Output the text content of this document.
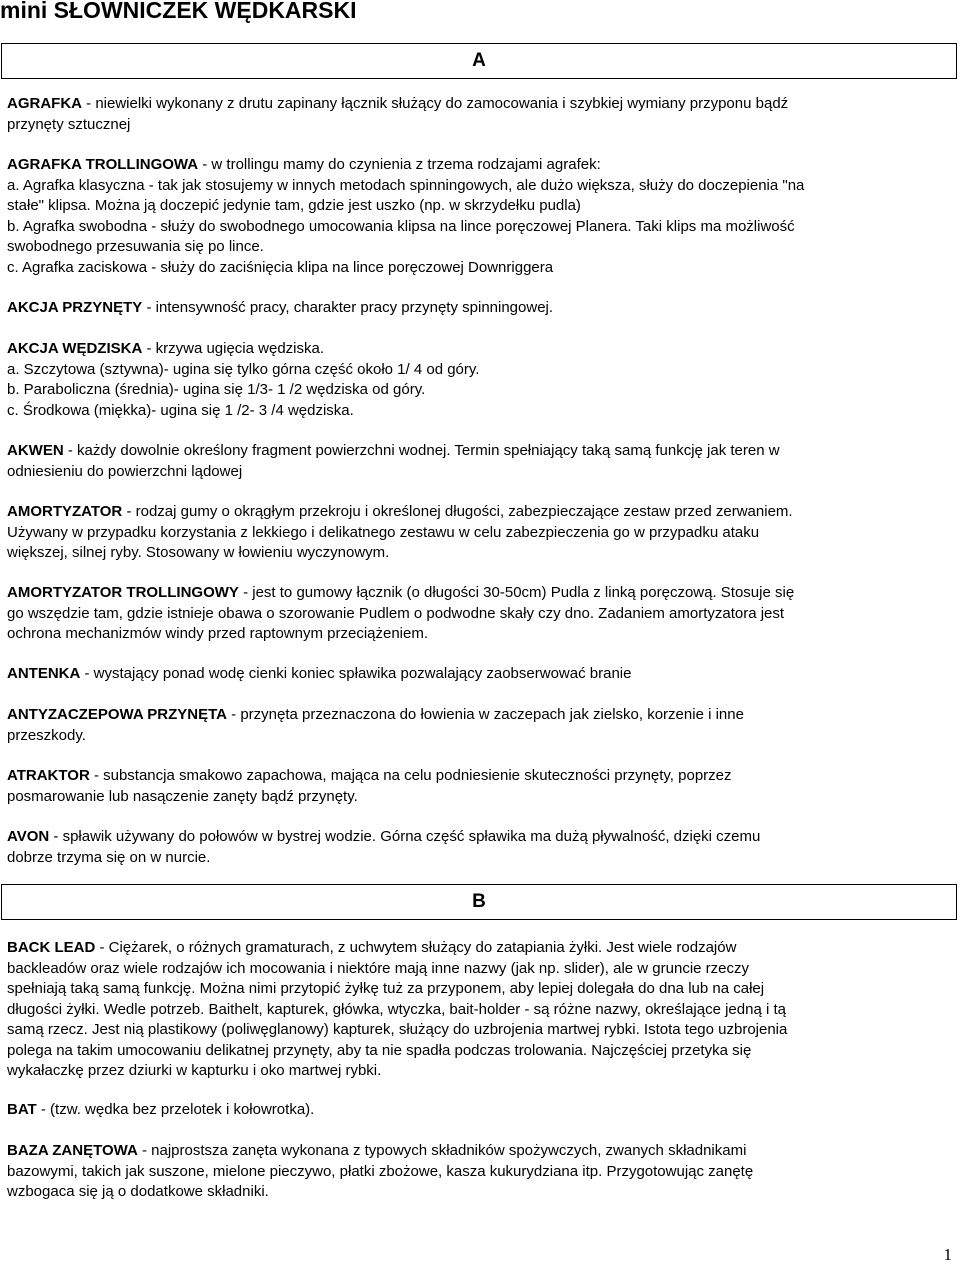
mini SŁOWNICZEK WĘDKARSKI
A

AGRAFKA - niewielki wykonany z drutu zapinany łącznik służący do zamocowania i szybkiej wymiany przyponu bądź
przynęty sztucznej

AGRAFKA TROLLINGOWA - w trollingu mamy do czynienia z trzema rodzajami agrafek:
a. Agrafka klasyczna - tak jak stosujemy w innych metodach spinningowych, ale dużo większa, służy do doczepienia "na
stałe" klipsa. Można ją doczepić jedynie tam, gdzie jest uszko (np. w skrzydełku pudla)
b. Agrafka swobodna - służy do swobodnego umocowania klipsa na lince poręczowej Planera. Taki klips ma możliwość
swobodnego przesuwania się po lince.
c. Agrafka zaciskowa - służy do zaciśnięcia klipa na lince poręczowej Downriggera

AKCJA PRZYNĘTY - intensywność pracy, charakter pracy przynęty spinningowej.

AKCJA WĘDZISKA - krzywa ugięcia wędziska.
a. Szczytowa (sztywna)- ugina się tylko górna część około 1/ 4 od góry.
b. Paraboliczna (średnia)- ugina się 1/3- 1 /2 wędziska od góry.
c. Środkowa (miękka)- ugina się 1 /2- 3 /4 wędziska.

AKWEN - każdy dowolnie określony fragment powierzchni wodnej. Termin spełniający taką samą funkcję jak teren w
odniesieniu do powierzchni lądowej

AMORTYZATOR - rodzaj gumy o okrągłym przekroju i określonej długości, zabezpieczające zestaw przed zerwaniem.
Używany w przypadku korzystania z lekkiego i delikatnego zestawu w celu zabezpieczenia go w przypadku ataku
większej, silnej ryby. Stosowany w łowieniu wyczynowym.

AMORTYZATOR TROLLINGOWY - jest to gumowy łącznik (o długości 30-50cm) Pudla z linką poręczową. Stosuje się
go wszędzie tam, gdzie istnieje obawa o szorowanie Pudlem o podwodne skały czy dno. Zadaniem amortyzatora jest
ochrona mechanizmów windy przed raptownym przeciążeniem.

ANTENKA - wystający ponad wodę cienki koniec spławika pozwalający zaobserwować branie

ANTYZACZEPOWA PRZYNĘTA - przynęta przeznaczona do łowienia w zaczepach jak zielsko, korzenie i inne
przeszkody.

ATRAKTOR - substancja smakowo zapachowa, mająca na celu podniesienie skuteczności przynęty, poprzez
posmarowanie lub nasączenie zanęty bądź przynęty.

AVON - spławik używany do połowów w bystrej wodzie. Górna część spławika ma dużą pływalność, dzięki czemu
dobrze trzyma się on w nurcie.

B

BACK LEAD - Ciężarek, o różnych gramaturach, z uchwytem służący do zatapiania żyłki. Jest wiele rodzajów
backleadów oraz wiele rodzajów ich mocowania i niektóre mają inne nazwy (jak np. slider), ale w gruncie rzeczy
spełniają taką samą funkcję. Można nimi przytopić żyłkę tuż za przyponem, aby lepiej dolegała do dna lub na całej
długości żyłki. Wedle potrzeb. Baithelt, kapturek, główka, wtyczka, bait-holder - są różne nazwy, określające jedną i tą
samą rzecz. Jest nią plastikowy (poliwęglanowy) kapturek, służący do uzbrojenia martwej rybki. Istota tego uzbrojenia
polega na takim umocowaniu delikatnej przynęty, aby ta nie spadła podczas trolowania. Najczęściej przetyka się
wykałaczkę przez dziurki w kapturku i oko martwej rybki.

BAT - (tzw. wędka bez przelotek i kołowrotka).

BAZA ZANĘTOWA - najprostsza zanęta wykonana z typowych składników spożywczych, zwanych składnikami
bazowymi, takich jak suszone, mielone pieczywo, płatki zbożowe, kasza kukurydziana itp. Przygotowując zanętę
wzbogaca się ją o dodatkowe składniki.

1
